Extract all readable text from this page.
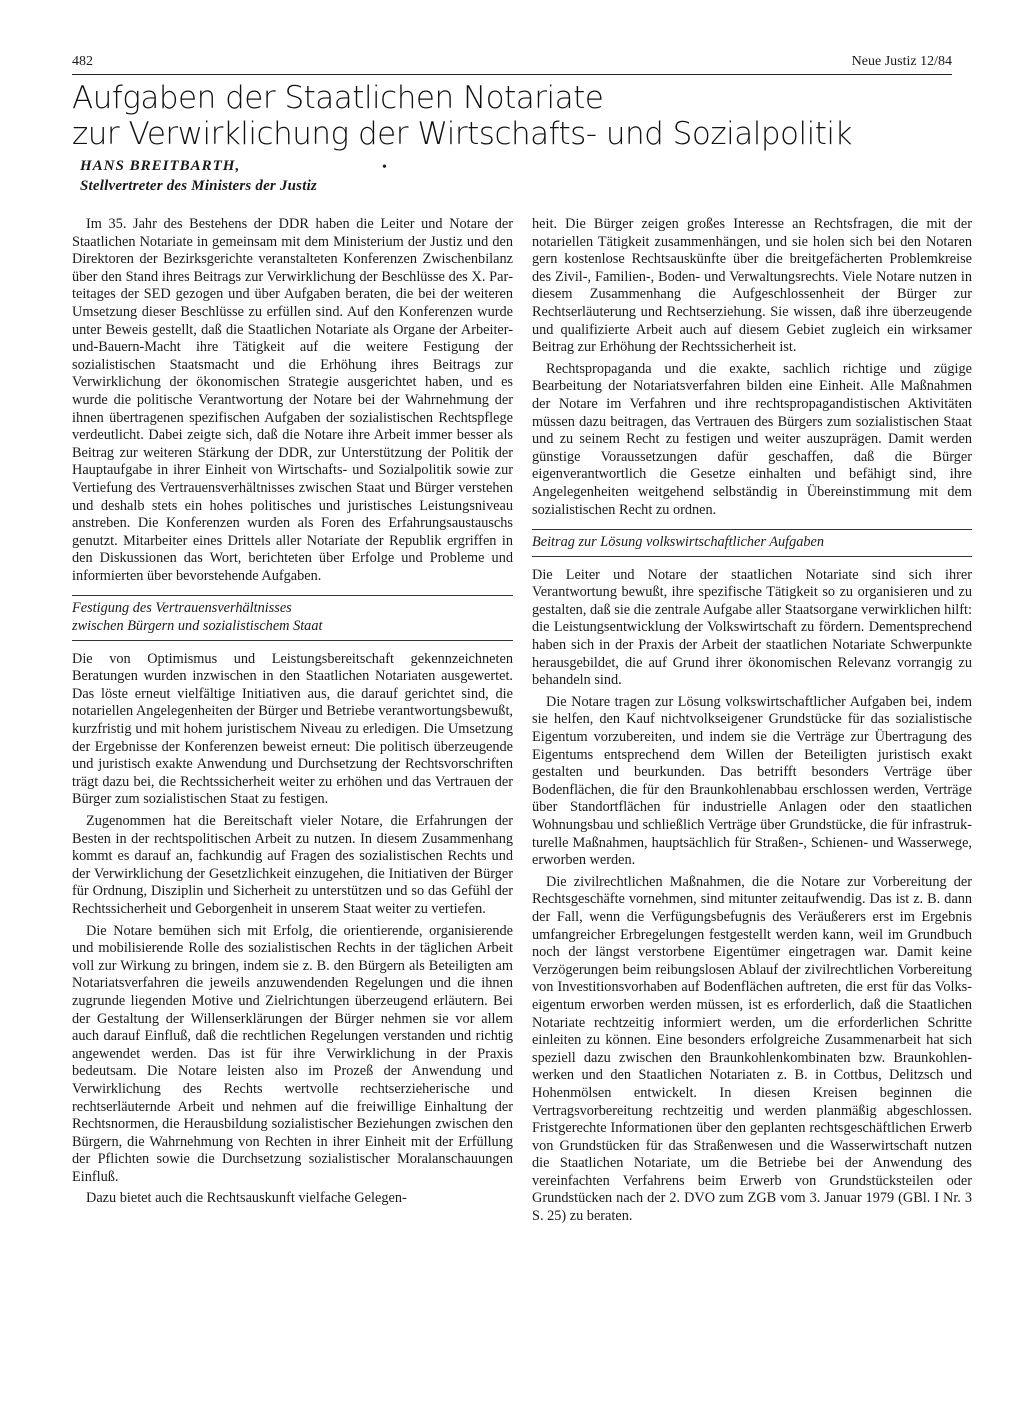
482	Neue Justiz 12/84
Aufgaben der Staatlichen Notariate
zur Verwirklichung der Wirtschafts- und Sozialpolitik
HANS BREITBARTH,
Stellvertreter des Ministers der Justiz
•

Im 35. Jahr des Bestehens der DDR haben die Leiter und Notare der Staatlichen Notariate in gemeinsam mit dem Ministerium der Justiz und den Direktoren der Bezirksgerichte veranstalteten Konferenzen Zwischenbilanz über den Stand ihres Beitrags zur Verwirklichung der Beschlüsse des X. Parteitages der SED gezogen und über Aufgaben beraten, die bei der weiteren Umsetzung dieser Beschlüsse zu erfüllen sind. Auf den Konferenzen wurde unter Beweis gestellt, daß die Staatlichen Notariate als Organe der Arbeiter-und-Bauern-Macht ihre Tätigkeit auf die weitere Festigung der sozialistischen Staatsmacht und die Erhöhung ihres Beitrags zur Verwirklichung der ökonomischen Strategie ausgerichtet haben, und es wurde die politische Verantwortung der Notare bei der Wahrnehmung der ihnen übertragenen spezifischen Aufgaben der sozialistischen Rechtspflege verdeutlicht. Dabei zeigte sich, daß die Notare ihre Arbeit immer besser als Beitrag zur weiteren Stärkung der DDR, zur Unterstützung der Politik der Hauptaufgabe in ihrer Einheit von Wirtschafts- und Sozialpolitik sowie zur Vertiefung des Vertrauensverhältnisses zwischen Staat und Bürger verstehen und deshalb stets ein hohes politisches und juristisches Leistungsniveau anstreben. Die Konferenzen wurden als Foren des Erfahrungsaustauschs genutzt. Mitarbeiter eines Drittels aller Notariate der Republik ergriffen in den Diskussionen das Wort, berichteten über Erfolge und Probleme und informierten über bevorstehende Aufgaben.

Festigung des Vertrauensverhältnisses
zwischen Bürgern und sozialistischem Staat

Die von Optimismus und Leistungsbereitschaft gekennzeichneten Beratungen wurden inzwischen in den Staatlichen Notariaten ausgewertet. Das löste erneut vielfältige Initiativen aus, die darauf gerichtet sind, die notariellen Angelegenheiten der Bürger und Betriebe verantwortungsbewußt, kurzfristig und mit hohem juristischem Niveau zu erledigen. Die Umsetzung der Ergebnisse der Konferenzen beweist erneut: Die politisch überzeugende und juristisch exakte Anwendung und Durchsetzung der Rechtsvorschriften trägt dazu bei, die Rechtssicherheit weiter zu erhöhen und das Vertrauen der Bürger zum sozialistischen Staat zu festigen.

Zugenommen hat die Bereitschaft vieler Notare, die Erfahrungen der Besten in der rechtspolitischen Arbeit zu nutzen. In diesem Zusammenhang kommt es darauf an, fachkundig auf Fragen des sozialistischen Rechts und der Verwirklichung der Gesetzlichkeit einzugehen, die Initiativen der Bürger für Ordnung, Disziplin und Sicherheit zu unterstützen und so das Gefühl der Rechtssicherheit und Geborgenheit in unserem Staat weiter zu vertiefen.

Die Notare bemühen sich mit Erfolg, die orientierende, organisierende und mobilisierende Rolle des sozialistischen Rechts in der täglichen Arbeit voll zur Wirkung zu bringen, indem sie z. B. den Bürgern als Beteiligten am Notariatsverfahren die jeweils anzuwendenden Regelungen und die ihnen zugrunde liegenden Motive und Zielrichtungen überzeugend erläutern. Bei der Gestaltung der Willenserklärungen der Bürger nehmen sie vor allem auch darauf Einfluß, daß die rechtlichen Regelungen verstanden und richtig angewendet werden. Das ist für ihre Verwirklichung in der Praxis bedeutsam. Die Notare leisten also im Prozeß der Anwendung und Verwirklichung des Rechts wertvolle rechtserzieherische und rechtserläuternde Arbeit und nehmen auf die freiwillige Einhaltung der Rechtsnormen, die Herausbildung sozialistischer Beziehungen zwischen den Bürgern, die Wahrnehmung von Rechten in ihrer Einheit mit der Erfüllung der Pflichten sowie die Durchsetzung sozialistischer Moralanschauungen Einfluß.

Dazu bietet auch die Rechtsauskunft vielfache Gelegen-

heit. Die Bürger zeigen großes Interesse an Rechtsfragen, die mit der notariellen Tätigkeit zusammenhängen, und sie holen sich bei den Notaren gern kostenlose Rechtsauskünfte über die breitgefächerten Problemkreise des Zivil-, Familien-, Boden- und Verwaltungsrechts. Viele Notare nutzen in diesem Zusammenhang die Aufgeschlossenheit der Bürger zur Rechtserläuterung und Rechtserziehung. Sie wissen, daß ihre überzeugende und qualifizierte Arbeit auch auf diesem Gebiet zugleich ein wirksamer Beitrag zur Erhöhung der Rechtssicherheit ist.

Rechtspropaganda und die exakte, sachlich richtige und zügige Bearbeitung der Notariatsverfahren bilden eine Einheit. Alle Maßnahmen der Notare im Verfahren und ihre rechtspropagandistischen Aktivitäten müssen dazu beitragen, das Vertrauen des Bürgers zum sozialistischen Staat und zu seinem Recht zu festigen und weiter auszuprägen. Damit werden günstige Voraussetzungen dafür geschaffen, daß die Bürger eigenverantwortlich die Gesetze einhalten und befähigt sind, ihre Angelegenheiten weitgehend selbständig in Übereinstimmung mit dem sozialistischen Recht zu ordnen.

Beitrag zur Lösung volkswirtschaftlicher Aufgaben

Die Leiter und Notare der staatlichen Notariate sind sich ihrer Verantwortung bewußt, ihre spezifische Tätigkeit so zu organisieren und zu gestalten, daß sie die zentrale Aufgabe aller Staatsorgane verwirklichen hilft: die Leistungsentwicklung der Volkswirtschaft zu fördern. Dementsprechend haben sich in der Praxis der Arbeit der staatlichen Notariate Schwerpunkte herausgebildet, die auf Grund ihrer ökonomischen Relevanz vorrangig zu behandeln sind.

Die Notare tragen zur Lösung volkswirtschaftlicher Aufgaben bei, indem sie helfen, den Kauf nichtvolkseigener Grundstücke für das sozialistische Eigentum vorzubereiten, und indem sie die Verträge zur Übertragung des Eigentums entsprechend dem Willen der Beteiligten juristisch exakt gestalten und beurkunden. Das betrifft besonders Verträge über Bodenflächen, die für den Braunkohlenabbau erschlossen werden, Verträge über Standortflächen für industrielle Anlagen oder den staatlichen Wohnungsbau und schließlich Verträge über Grundstücke, die für infrastrukturelle Maßnahmen, hauptsächlich für Straßen-, Schienen- und Wasserwege, erworben werden.

Die zivilrechtlichen Maßnahmen, die die Notare zur Vorbereitung der Rechtsgeschäfte vornehmen, sind mitunter zeitaufwendig. Das ist z. B. dann der Fall, wenn die Verfügungsbefugnis des Veräußerers erst im Ergebnis umfangreicher Erbregelungen festgestellt werden kann, weil im Grundbuch noch der längst verstorbene Eigentümer eingetragen war. Damit keine Verzögerungen beim reibungslosen Ablauf der zivilrechtlichen Vorbereitung von Investitionsvorhaben auf Bodenflächen auftreten, die erst für das Volkseigentum erworben werden müssen, ist es erforderlich, daß die Staatlichen Notariate rechtzeitig informiert werden, um die erforderlichen Schritte einleiten zu können. Eine besonders erfolgreiche Zusammenarbeit hat sich speziell dazu zwischen den Braunkohlenkombinaten bzw. Braunkohlenwerken und den Staatlichen Notariaten z. B. in Cottbus, Delitzsch und Hohenmölsen entwickelt. In diesen Kreisen beginnen die Vertragsvorbereitung rechtzeitig und werden planmäßig abgeschlossen. Fristgerechte Informationen über den geplanten rechtsgeschäftlichen Erwerb von Grundstücken für das Straßenwesen und die Wasserwirtschaft nutzen die Staatlichen Notariate, um die Betriebe bei der Anwendung des vereinfachten Verfahrens beim Erwerb von Grundstücksteilen oder Grundstücken nach der 2. DVO zum ZGB vom 3. Januar 1979 (GBl. I Nr. 3 S. 25) zu beraten.
